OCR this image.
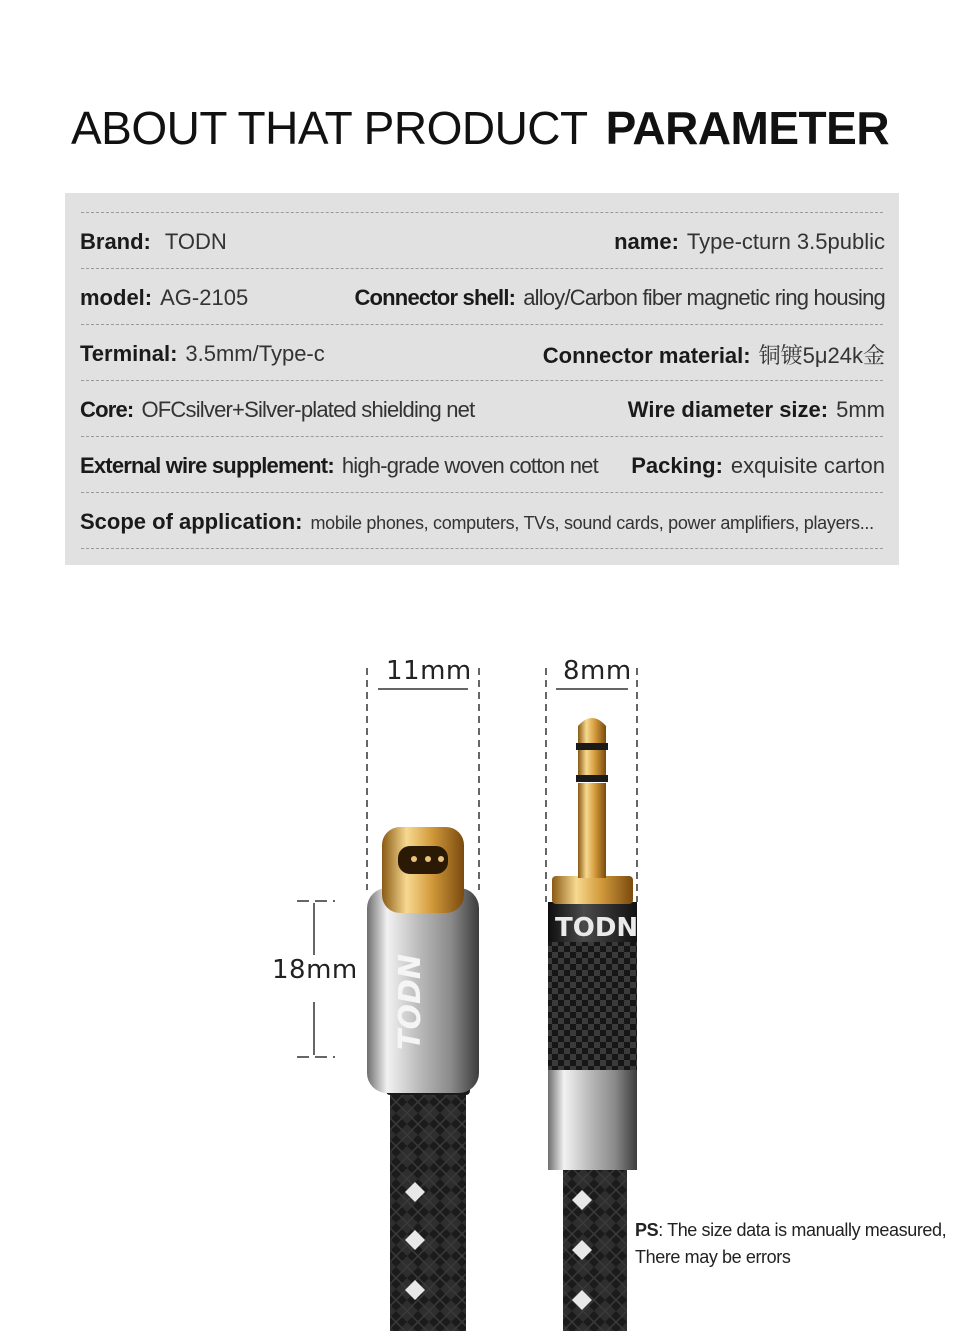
ABOUT THAT PRODUCT PARAMETER
Brand: TODN	name: Type-cturn 3.5public
model: AG-2105	Connector shell: alloy/Carbon fiber magnetic ring housing
Terminal: 3.5mm/Type-c	Connector material: 铜镀5μ24k金
Core: OFCsilver+Silver-plated shielding net	Wire diameter size: 5mm
External wire supplement: high-grade woven cotton net Packing: exquisite carton
Scope of application: mobile phones, computers, TVs, sound cards, power amplifiers, players...
TODN
TODN
11mm	8mm
18mm
PS: The size data is manually measured,
There may be errors
